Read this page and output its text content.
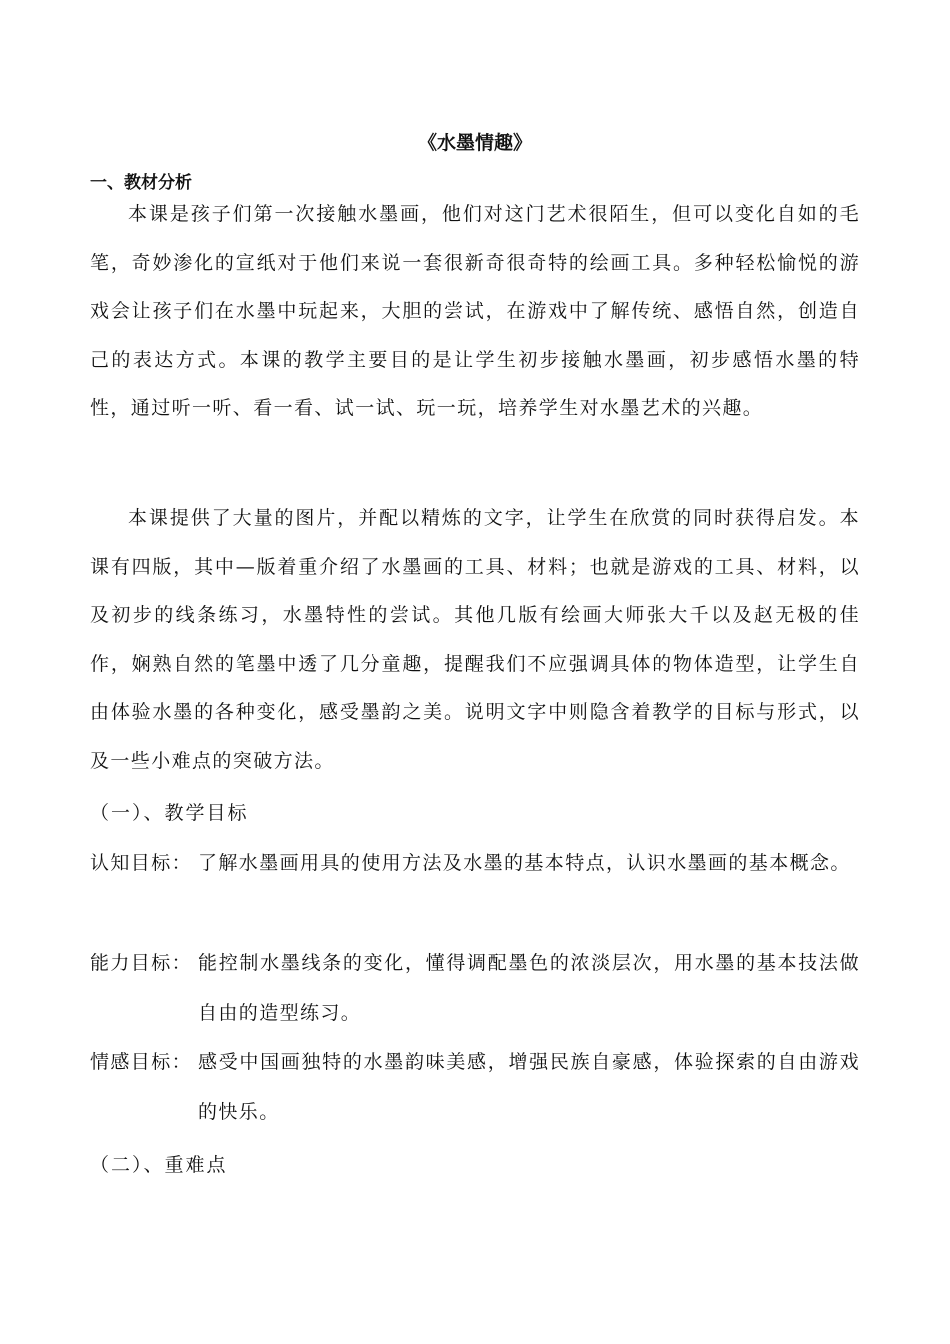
《水墨情趣》
一、教材分析

本课是孩子们第一次接触水墨画，他们对这门艺术很陌生，但可以变化自如的毛笔，奇妙渗化的宣纸对于他们来说一套很新奇很奇特的绘画工具。多种轻松愉悦的游戏会让孩子们在水墨中玩起来，大胆的尝试，在游戏中了解传统、感悟自然，创造自己的表达方式。本课的教学主要目的是让学生初步接触水墨画，初步感悟水墨的特性，通过听一听、看一看、试一试、玩一玩，培养学生对水墨艺术的兴趣。

本课提供了大量的图片，并配以精炼的文字，让学生在欣赏的同时获得启发。本课有四版，其中—版着重介绍了水墨画的工具、材料；也就是游戏的工具、材料，以及初步的线条练习，水墨特性的尝试。其他几版有绘画大师张大千以及赵无极的佳作，娴熟自然的笔墨中透了几分童趣，提醒我们不应强调具体的物体造型，让学生自由体验水墨的各种变化，感受墨韵之美。说明文字中则隐含着教学的目标与形式，以及一些小难点的突破方法。

（一）、教学目标
认知目标： 了解水墨画用具的使用方法及水墨的基本特点，认识水墨画的基本概念。
能力目标： 能控制水墨线条的变化，懂得调配墨色的浓淡层次，用水墨的基本技法做自由的造型练习。
情感目标： 感受中国画独特的水墨韵味美感，增强民族自豪感，体验探索的自由游戏的快乐。
（二）、重难点
